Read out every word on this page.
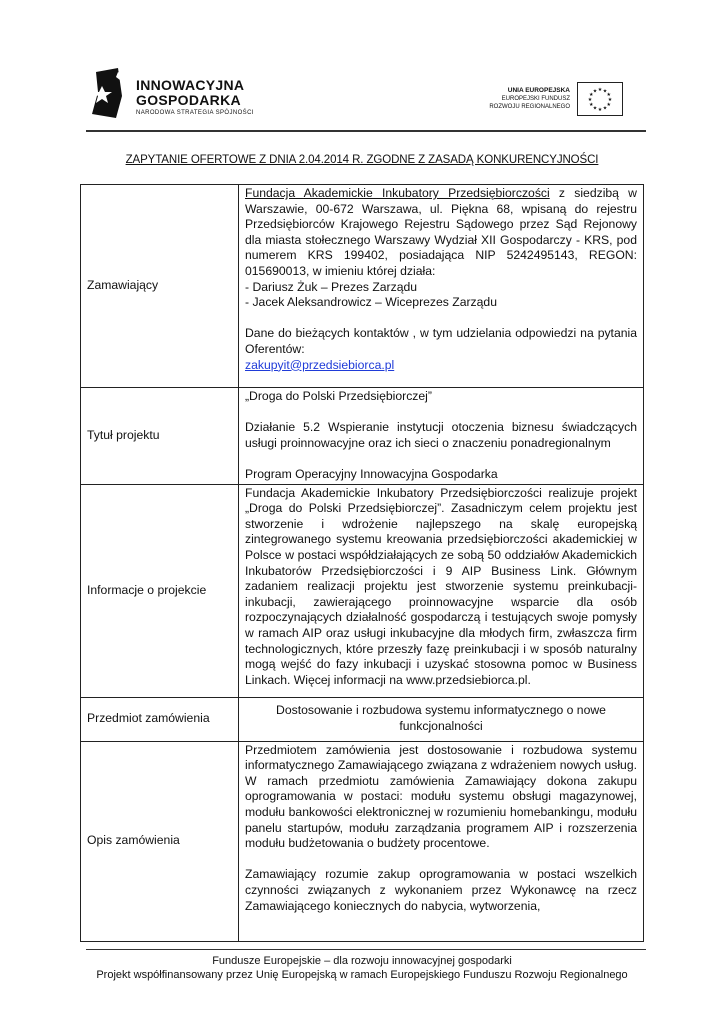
INNOWACYJNA
GOSPODARKA
NARODOWA STRATEGIA SPÓJNOŚCI
UNIA EUROPEJSKA
EUROPEJSKI FUNDUSZ
ROZWOJU REGIONALNEGO
★ ★
★
★
★
★
★
★
★
★
★
★
ZAPYTANIE OFERTOWE Z DNIA 2.04.2014 R. ZGODNE Z ZASADĄ KONKURENCYJNOŚCI
Zamawiający	Fundacja Akademickie Inkubatory Przedsiębiorczości z siedzibą w Warszawie, 00-672 Warszawa, ul. Piękna 68, wpisaną do rejestru Przedsiębiorców Krajowego Rejestru Sądowego przez Sąd Rejonowy dla miasta stołecznego Warszawy Wydział XII Gospodarczy - KRS, pod numerem KRS 199402, posiadająca NIP 5242495143, REGON: 015690013, w imieniu której działa:
- Dariusz Żuk – Prezes Zarządu
- Jacek Aleksandrowicz – Wiceprezes Zarządu
Dane do bieżących kontaktów , w tym udzielania odpowiedzi na pytania Oferentów:
zakupyit@przedsiebiorca.pl

Tytuł projektu	„Droga do Polski Przedsiębiorczej”
Działanie 5.2 Wspieranie instytucji otoczenia biznesu świadczących usługi proinnowacyjne oraz ich sieci o znaczeniu ponadregionalnym
Program Operacyjny Innowacyjna Gospodarka

Informacje o projekcie	Fundacja Akademickie Inkubatory Przedsiębiorczości realizuje projekt „Droga do Polski Przedsiębiorczej”. Zasadniczym celem projektu jest stworzenie i wdrożenie najlepszego na skalę europejską zintegrowanego systemu kreowania przedsiębiorczości akademickiej w Polsce w postaci współdziałających ze sobą 50 oddziałów Akademickich Inkubatorów Przedsiębiorczości i 9 AIP Business Link. Głównym zadaniem realizacji projektu jest stworzenie systemu preinkubacji-inkubacji, zawierającego proinnowacyjne wsparcie dla osób rozpoczynających działalność gospodarczą i testujących swoje pomysły w ramach AIP oraz usługi inkubacyjne dla młodych firm, zwłaszcza firm technologicznych, które przeszły fazę preinkubacji i w sposób naturalny mogą wejść do fazy inkubacji i uzyskać stosowna pomoc w Business Linkach. Więcej informacji na www.przedsiebiorca.pl.
Przedmiot zamówienia	Dostosowanie i rozbudowa systemu informatycznego o nowe funkcjonalności
Opis zamówienia	Przedmiotem zamówienia jest dostosowanie i rozbudowa systemu informatycznego Zamawiającego związana z wdrażeniem nowych usług. W ramach przedmiotu zamówienia Zamawiający dokona zakupu oprogramowania w postaci: modułu systemu obsługi magazynowej, modułu bankowości elektronicznej w rozumieniu homebankingu, modułu panelu startupów, modułu zarządzania programem AIP i rozszerzenia modułu budżetowania o budżety procentowe.
Zamawiający rozumie zakup oprogramowania w postaci wszelkich czynności związanych z wykonaniem przez Wykonawcę na rzecz Zamawiającego koniecznych do nabycia, wytworzenia,
Fundusze Europejskie – dla rozwoju innowacyjnej gospodarki
Projekt współfinansowany przez Unię Europejską w ramach Europejskiego Funduszu Rozwoju Regionalnego
